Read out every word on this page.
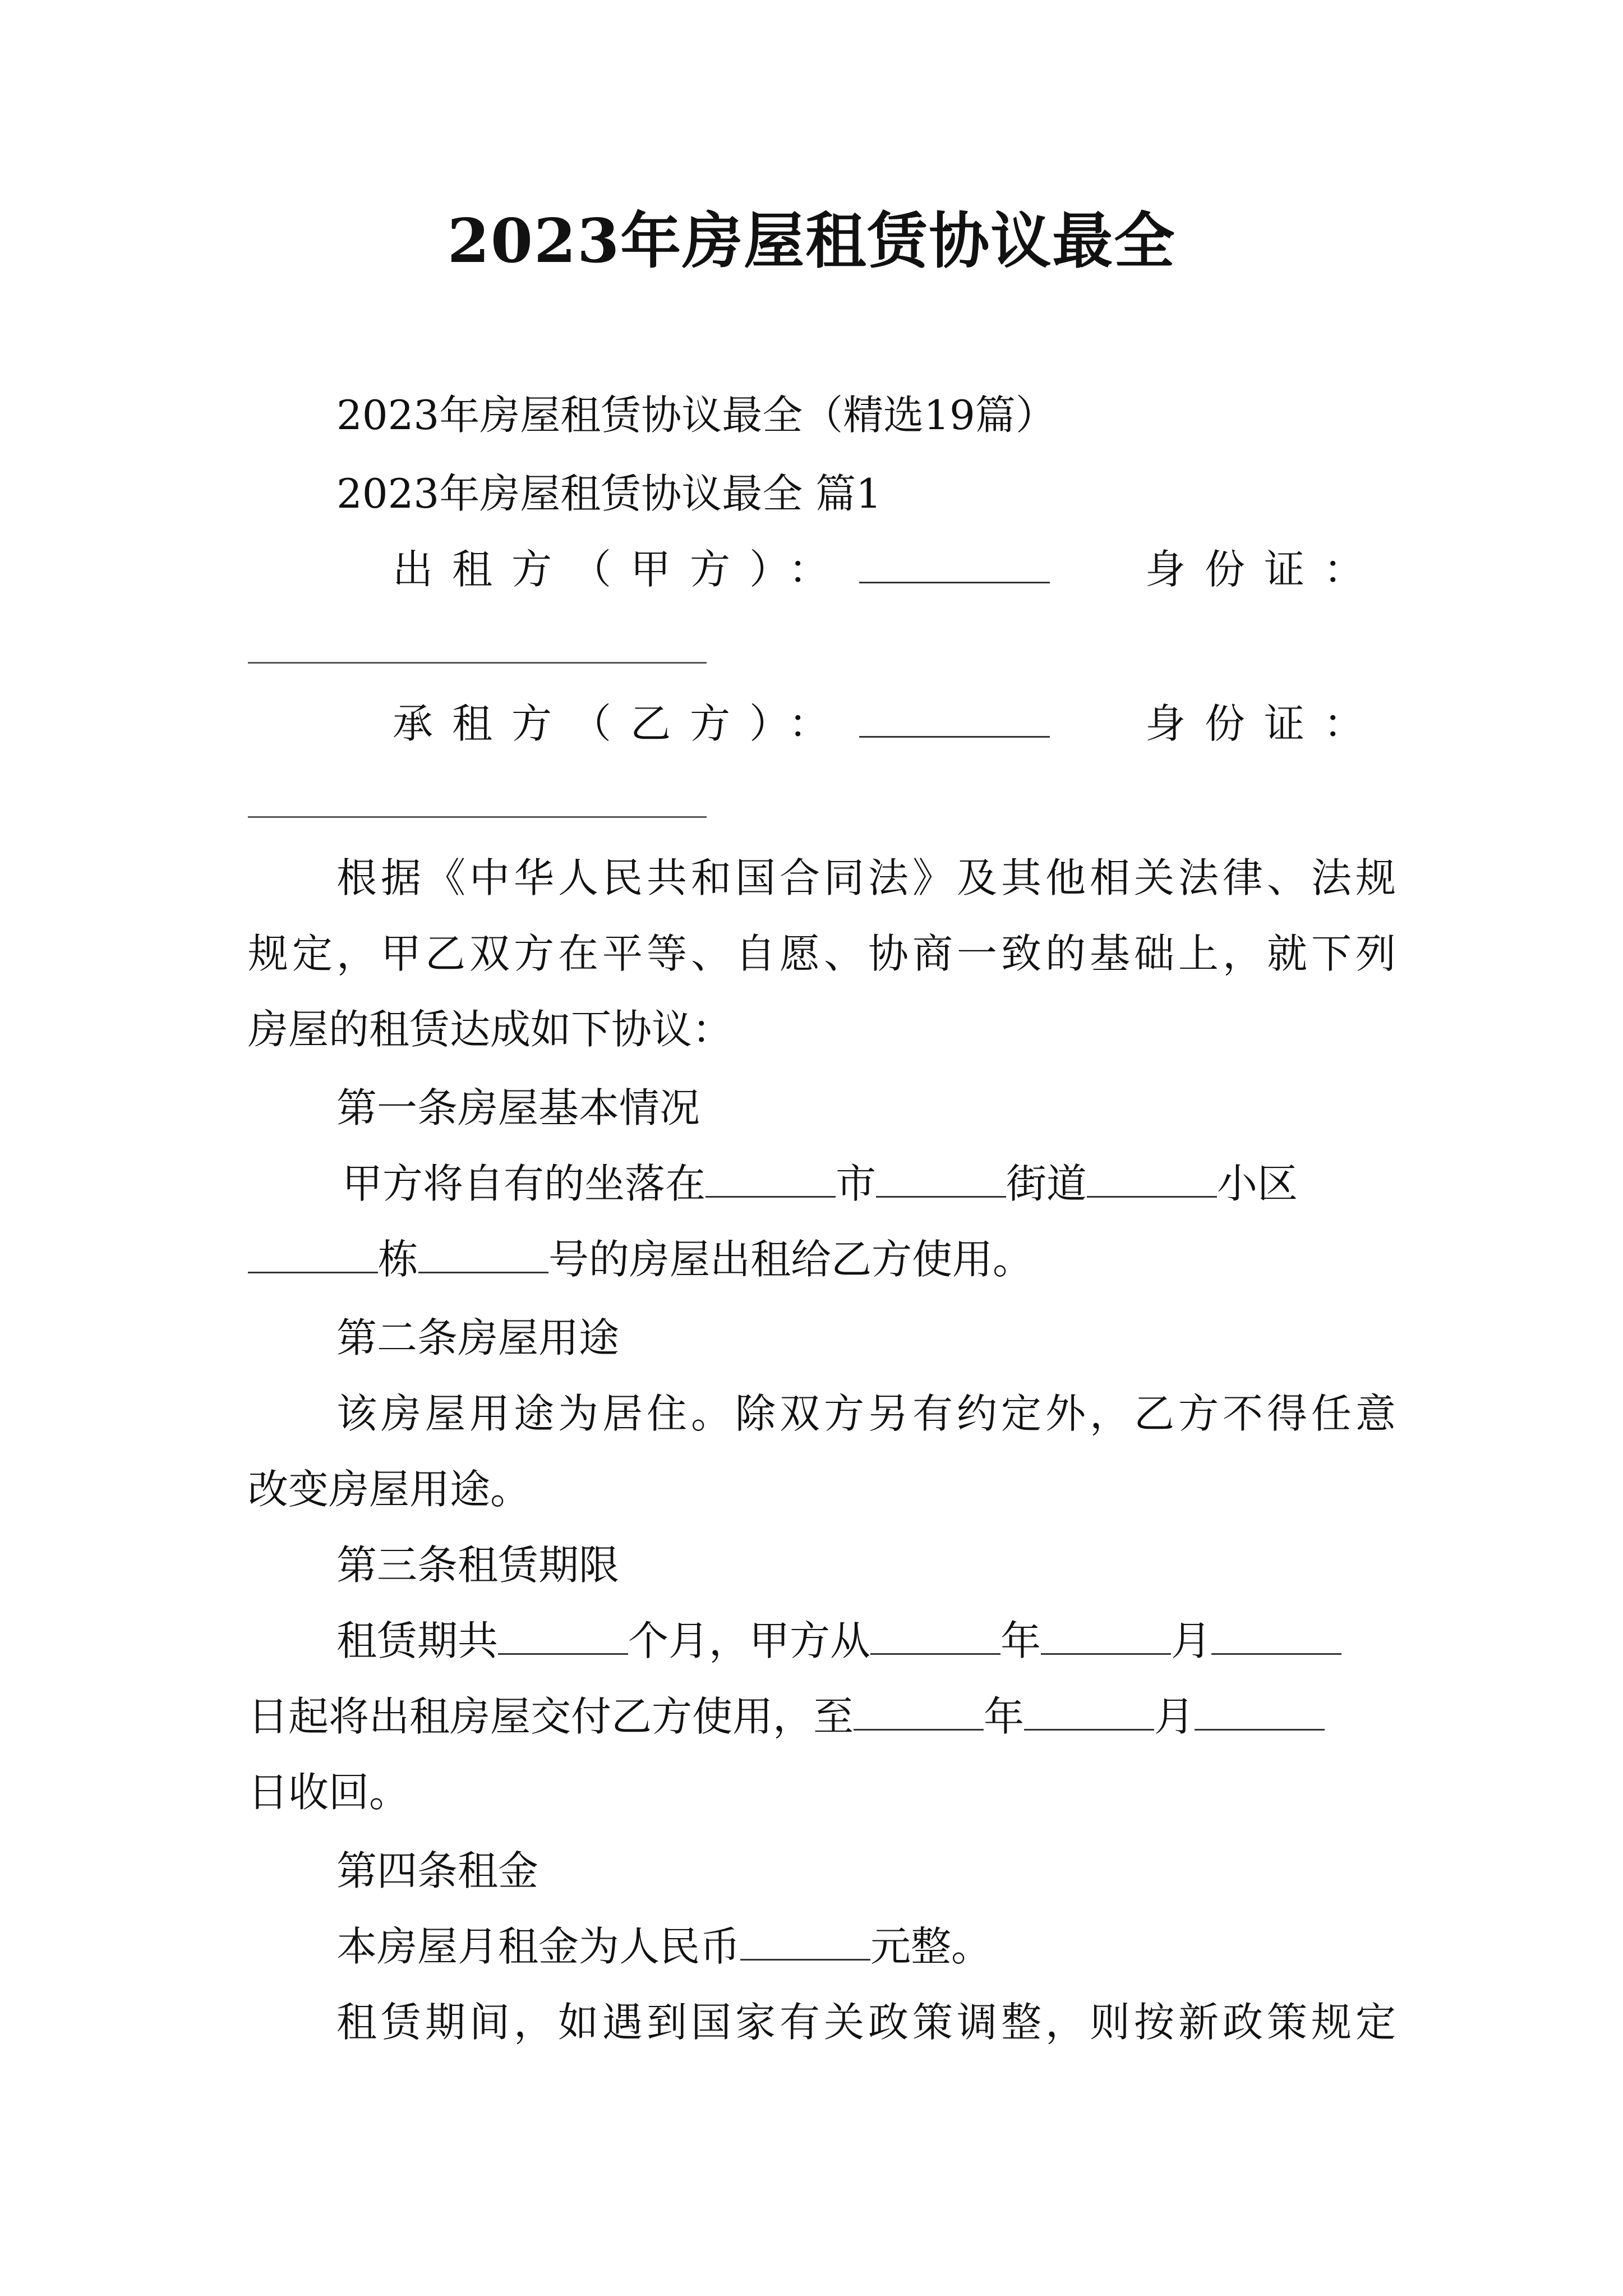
2023年房屋租赁协议最全
2023年房屋租赁协议最全（精选19篇）
2023年房屋租赁协议最全 篇1
出租方（甲方）：	身份证：
承租方（乙方）：	身份证：
根据《中华人民共和国合同法》及其他相关法律、法规
规定，甲乙双方在平等、自愿、协商一致的基础上，就下列
房屋的租赁达成如下协议：
第一条房屋基本情况
甲方将自有的坐落在	市	街道	小区
栋	号的房屋出租给乙方使用。
第二条房屋用途
该房屋用途为居住。除双方另有约定外，乙方不得任意
改变房屋用途。
第三条租赁期限
租赁期共	个月，甲方从	年	月
日起将出租房屋交付乙方使用，至	年	月
日收回。
第四条租金
本房屋月租金为人民币	元整。
租赁期间，如遇到国家有关政策调整，则按新政策规定
